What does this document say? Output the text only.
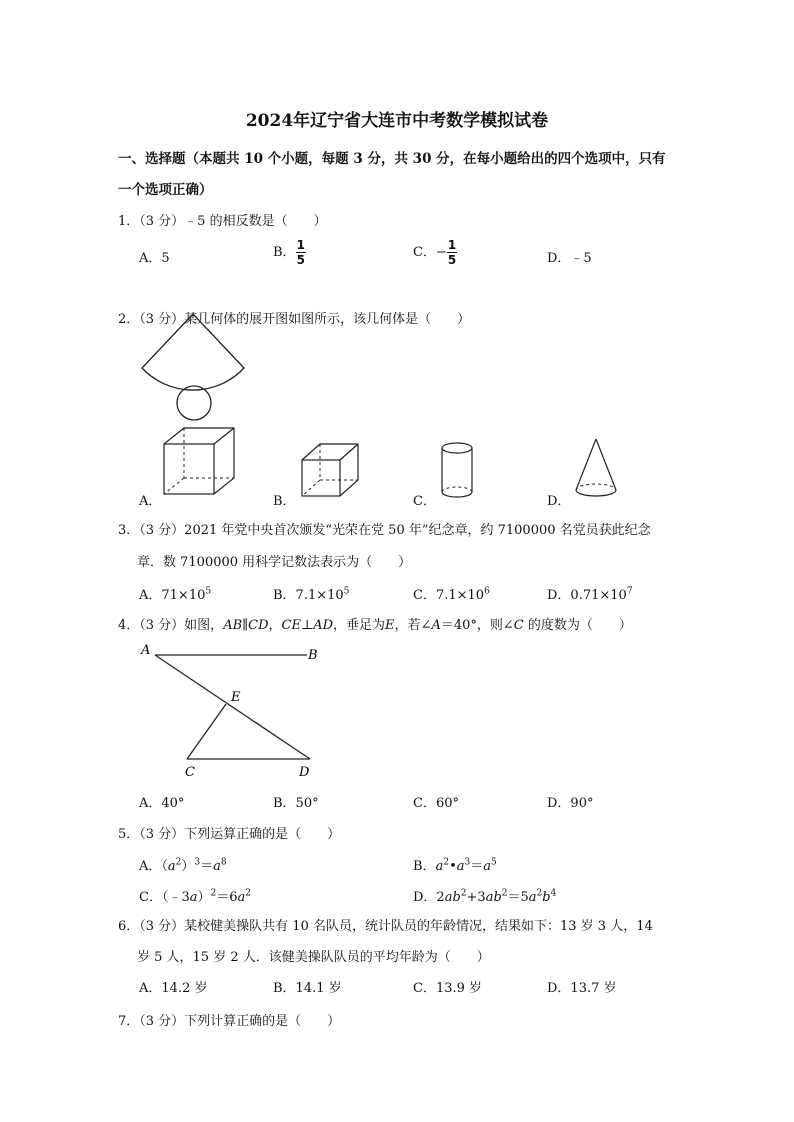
2024年辽宁省大连市中考数学模拟试卷
一、选择题（本题共 10 个小题，每题 3 分，共 30 分，在每小题给出的四个选项中，只有
一个选项正确）
1．（3 分）﹣5 的相反数是（　　）
A．5	B． $\frac{1}{5}$	C．− $\frac{1}{5}$	D．﹣5
2．（3 分）某几何体的展开图如图所示，该几何体是（　　）
A．	B．	C．	D．
3．（3 分）2021 年党中央首次颁发“光荣在党 50 年”纪念章，约 7100000 名党员获此纪念
章．数 7100000 用科学记数法表示为（　　）
A．$71\times 10^5$	B．$7.1\times 10^5$	C．$7.1\times 10^6$	D．$0.71\times 10^7$
4．（3 分）如图，AB∥CD，CE⊥AD，垂足为E，若∠A＝40°，则∠C 的度数为（　　）
A	B
E
C	D
A．40°	B．50°	C．60°	D．90°
5．（3 分）下列运算正确的是（　　）
A．$(a^2)^3=a^8$	B．$a^2•a^3=a^5$
C．$(﹣3a)^2=6a^2$	D．$2ab^2+3ab^2=5a^2b^4$
6．（3 分）某校健美操队共有 10 名队员，统计队员的年龄情况，结果如下：13 岁 3 人，14
岁 5 人，15 岁 2 人．该健美操队队员的平均年龄为（　　）
A．14.2 岁	B．14.1 岁	C．13.9 岁	D．13.7 岁
7．（3 分）下列计算正确的是（　　）
